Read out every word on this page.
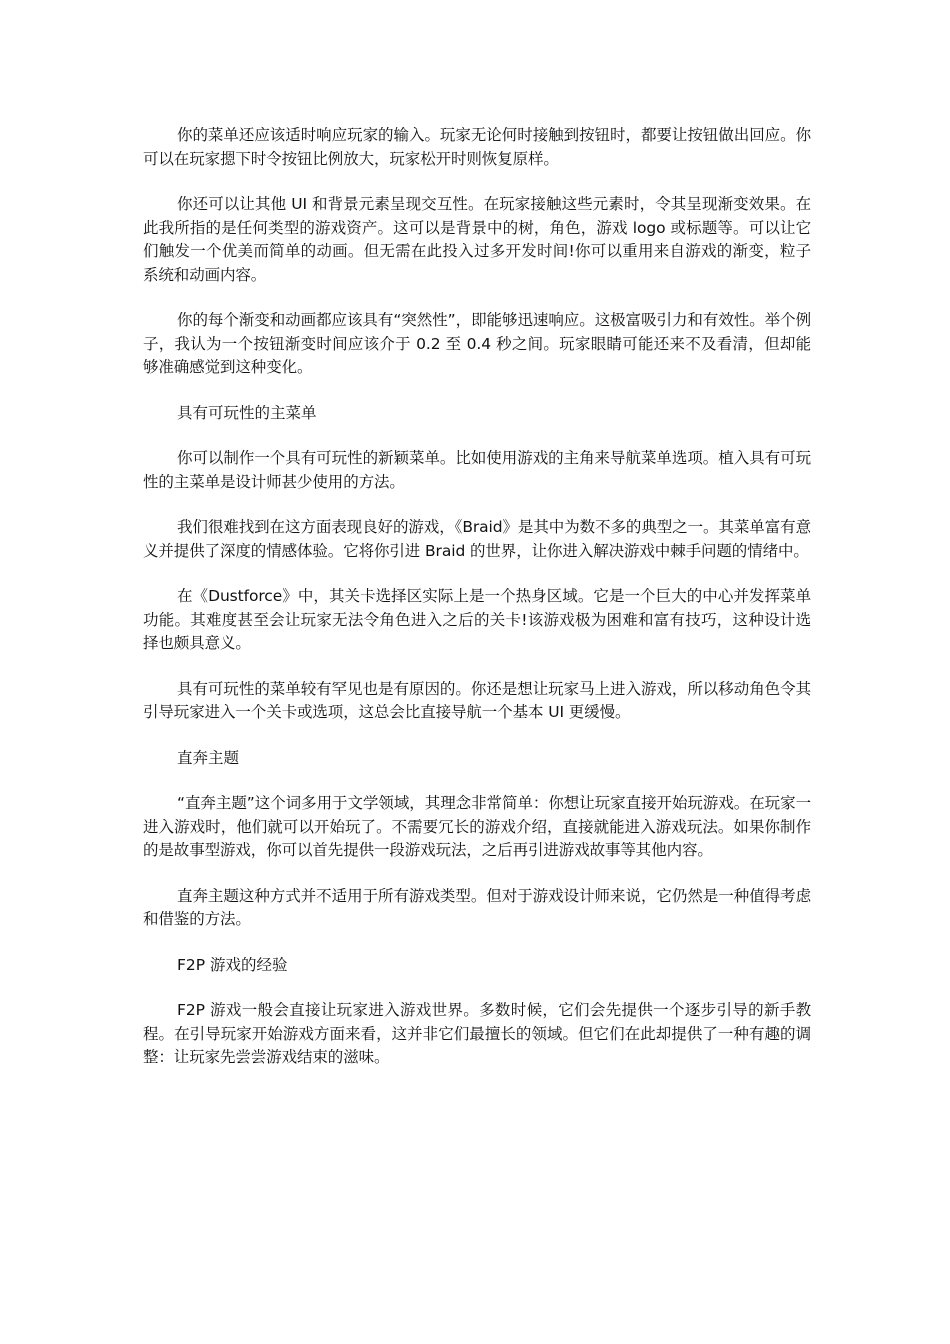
你的菜单还应该适时响应玩家的输入。玩家无论何时接触到按钮时，都要让按钮做出回应。你可以在玩家摁下时令按钮比例放大，玩家松开时则恢复原样。

你还可以让其他 UI 和背景元素呈现交互性。在玩家接触这些元素时，令其呈现渐变效果。在此我所指的是任何类型的游戏资产。这可以是背景中的树，角色，游戏 logo 或标题等。可以让它们触发一个优美而简单的动画。但无需在此投入过多开发时间!你可以重用来自游戏的渐变，粒子系统和动画内容。

你的每个渐变和动画都应该具有“突然性”，即能够迅速响应。这极富吸引力和有效性。举个例子，我认为一个按钮渐变时间应该介于 0.2 至 0.4 秒之间。玩家眼睛可能还来不及看清，但却能够准确感觉到这种变化。

具有可玩性的主菜单

你可以制作一个具有可玩性的新颖菜单。比如使用游戏的主角来导航菜单选项。植入具有可玩性的主菜单是设计师甚少使用的方法。

我们很难找到在这方面表现良好的游戏，《Braid》是其中为数不多的典型之一。其菜单富有意义并提供了深度的情感体验。它将你引进 Braid 的世界，让你进入解决游戏中棘手问题的情绪中。

在《Dustforce》中，其关卡选择区实际上是一个热身区域。它是一个巨大的中心并发挥菜单功能。其难度甚至会让玩家无法令角色进入之后的关卡!该游戏极为困难和富有技巧，这种设计选择也颇具意义。

具有可玩性的菜单较有罕见也是有原因的。你还是想让玩家马上进入游戏，所以移动角色令其引导玩家进入一个关卡或选项，这总会比直接导航一个基本 UI 更缓慢。

直奔主题

“直奔主题”这个词多用于文学领域，其理念非常简单：你想让玩家直接开始玩游戏。在玩家一进入游戏时，他们就可以开始玩了。不需要冗长的游戏介绍，直接就能进入游戏玩法。如果你制作的是故事型游戏，你可以首先提供一段游戏玩法，之后再引进游戏故事等其他内容。

直奔主题这种方式并不适用于所有游戏类型。但对于游戏设计师来说，它仍然是一种值得考虑和借鉴的方法。

F2P 游戏的经验

F2P 游戏一般会直接让玩家进入游戏世界。多数时候，它们会先提供一个逐步引导的新手教程。在引导玩家开始游戏方面来看，这并非它们最擅长的领域。但它们在此却提供了一种有趣的调整：让玩家先尝尝游戏结束的滋味。
